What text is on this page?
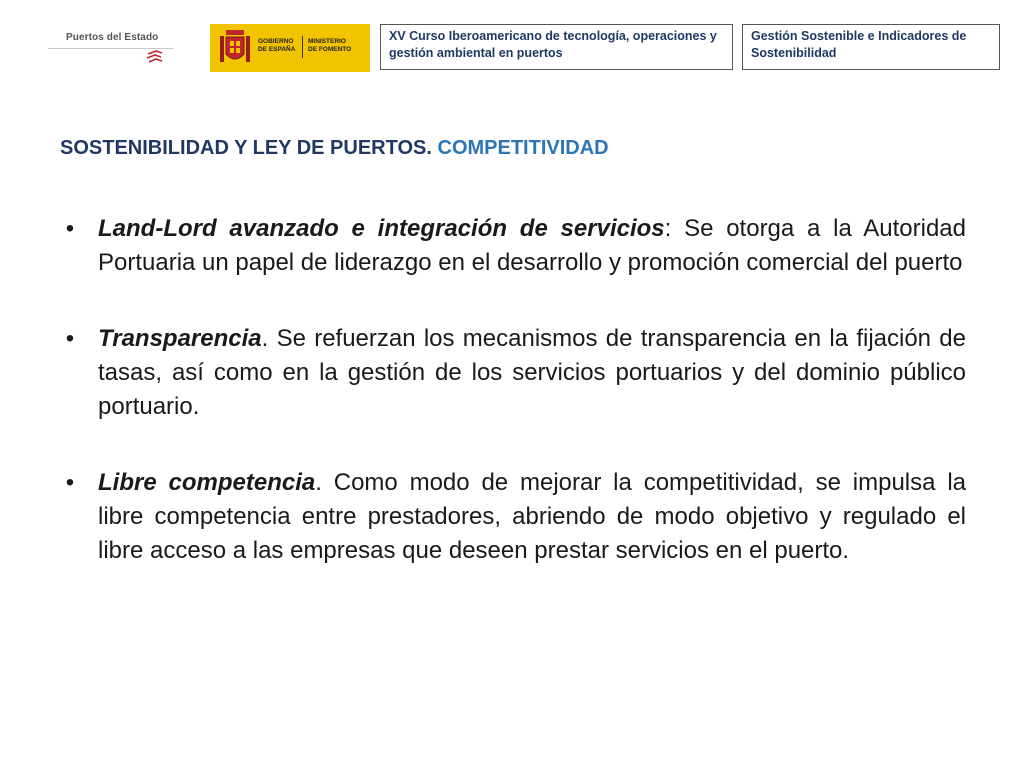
Puertos del Estado	GOBIERNO
DE ESPAÑA
MINISTERIO
DE FOMENTO
XV Curso Iberoamericano de tecnología, operaciones y gestión ambiental en puertos
Gestión Sostenible e Indicadores de Sostenibilidad
SOSTENIBILIDAD Y LEY DE PUERTOS. COMPETITIVIDAD
• Land-Lord avanzado e integración de servicios: Se otorga a la Autoridad Portuaria un papel de liderazgo en el desarrollo y promoción comercial del puerto
• Transparencia. Se refuerzan los mecanismos de transparencia en la fijación de tasas, así como en la gestión de los servicios portuarios y del dominio público portuario.
• Libre competencia. Como modo de mejorar la competitividad, se impulsa la libre competencia entre prestadores, abriendo de modo objetivo y regulado el libre acceso a las empresas que deseen prestar servicios en el puerto.
